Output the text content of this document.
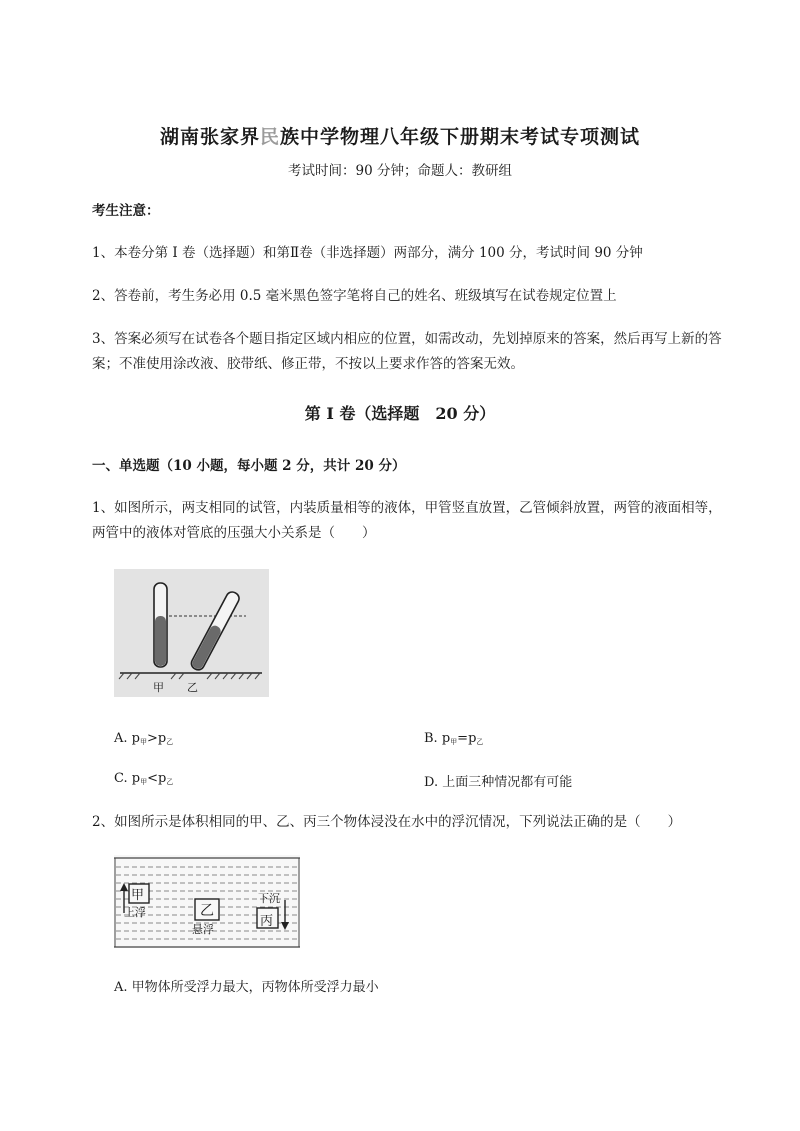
湖南张家界民族中学物理八年级下册期末考试专项测试
考试时间：90 分钟；命题人：教研组
考生注意：
1、本卷分第 I 卷（选择题）和第Ⅱ卷（非选择题）两部分，满分 100 分，考试时间 90 分钟
2、答卷前，考生务必用 0.5 毫米黑色签字笔将自己的姓名、班级填写在试卷规定位置上
3、答案必须写在试卷各个题目指定区域内相应的位置，如需改动，先划掉原来的答案，然后再写上新的答案；不准使用涂改液、胶带纸、修正带，不按以上要求作答的答案无效。
第 I 卷（选择题　20 分）
一、单选题（10 小题，每小题 2 分，共计 20 分）
1、如图所示，两支相同的试管，内装质量相等的液体，甲管竖直放置，乙管倾斜放置，两管的液面相等，两管中的液体对管底的压强大小关系是（　　）
甲 乙
A. $p_甲>p_乙$	B. $p_甲=p_乙$
C. $p_甲<p_乙$	D. 上面三种情况都有可能
2、如图所示是体积相同的甲、乙、丙三个物体浸没在水中的浮沉情况，下列说法正确的是（　　）
甲
上浮	乙
悬浮
下沉
丙
A. 甲物体所受浮力最大，丙物体所受浮力最小
